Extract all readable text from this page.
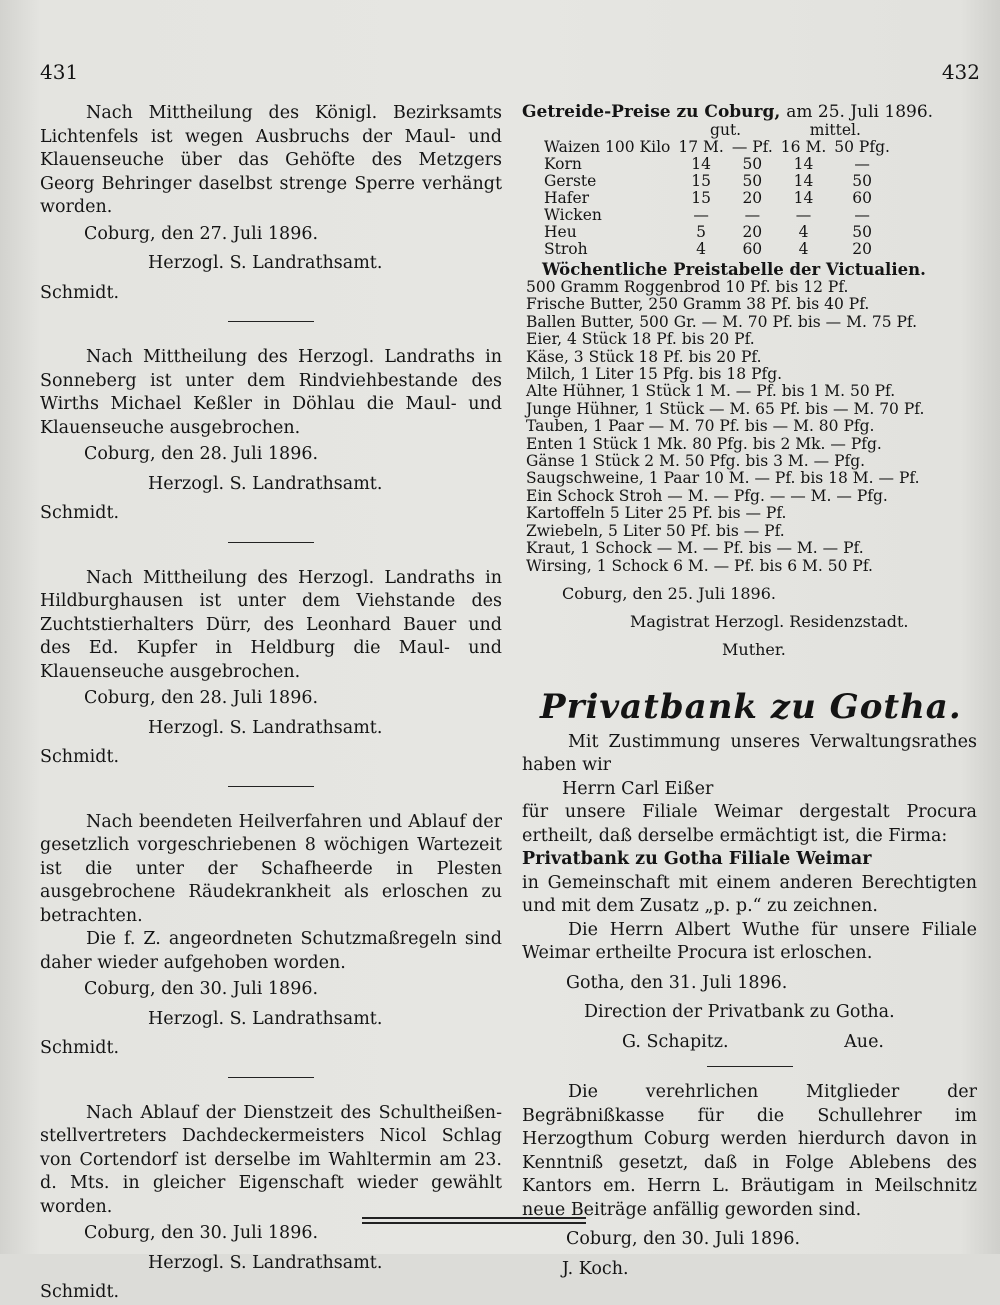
431	432

Nach Mittheilung des Königl. Bezirksamts Lichtenfels ist wegen Ausbruchs der Maul- und Klauenseuche über das Gehöfte des Metzgers Georg Behringer daselbst strenge Sperre verhängt worden.

Coburg, den 27. Juli 1896.

Herzogl. S. Landrathsamt.

Schmidt.

Nach Mittheilung des Herzogl. Landraths in Sonneberg ist unter dem Rindviehbestande des Wirths Michael Keßler in Döhlau die Maul- und Klauenseuche ausgebrochen.

Coburg, den 28. Juli 1896.

Herzogl. S. Landrathsamt.

Schmidt.

Nach Mittheilung des Herzogl. Landraths in Hildburghausen ist unter dem Viehstande des Zuchtstierhalters Dürr, des Leonhard Bauer und des Ed. Kupfer in Heldburg die Maul- und Klauenseuche ausgebrochen.

Coburg, den 28. Juli 1896.

Herzogl. S. Landrathsamt.

Schmidt.

Nach beendeten Heilverfahren und Ablauf der gesetzlich vorgeschriebenen 8 wöchigen Wartezeit ist die unter der Schafheerde in Plesten ausgebrochene Räudekrankheit als erloschen zu betrachten.

Die f. Z. angeordneten Schutzmaßregeln sind daher wieder aufgehoben worden.

Coburg, den 30. Juli 1896.

Herzogl. S. Landrathsamt.

Schmidt.

Nach Ablauf der Dienstzeit des Schultheißen-stellvertreters Dachdeckermeisters Nicol Schlag von Cortendorf ist derselbe im Wahltermin am 23. d. Mts. in gleicher Eigenschaft wieder gewählt worden.

Coburg, den 30. Juli 1896.

Herzogl. S. Landrathsamt.

Schmidt.

Getreide-Preise zu Coburg, am 25. Juli 1896.
	gut.		mittel.	
Waizen 100 Kilo	17 M.	— Pf.	16 M.	50 Pfg.
Korn	14	50	14	—
Gerste	15	50	14	50
Hafer	15	20	14	60
Wicken	—	—	—	—
Heu	5	20	4	50
Stroh	4	60	4	20
Wöchentliche Preistabelle der Victualien.
500 Gramm Roggenbrod 10 Pf. bis 12 Pf.
Frische Butter, 250 Gramm 38 Pf. bis 40 Pf.
Ballen Butter, 500 Gr. — M. 70 Pf. bis — M. 75 Pf.
Eier, 4 Stück 18 Pf. bis 20 Pf.
Käse, 3 Stück 18 Pf. bis 20 Pf.
Milch, 1 Liter 15 Pfg. bis 18 Pfg.
Alte Hühner, 1 Stück 1 M. — Pf. bis 1 M. 50 Pf.
Junge Hühner, 1 Stück — M. 65 Pf. bis — M. 70 Pf.
Tauben, 1 Paar — M. 70 Pf. bis — M. 80 Pfg.
Enten 1 Stück 1 Mk. 80 Pfg. bis 2 Mk. — Pfg.
Gänse 1 Stück 2 M. 50 Pfg. bis 3 M. — Pfg.
Saugschweine, 1 Paar 10 M. — Pf. bis 18 M. — Pf.
Ein Schock Stroh — M. — Pfg. — — M. — Pfg.
Kartoffeln 5 Liter 25 Pf. bis — Pf.
Zwiebeln, 5 Liter 50 Pf. bis — Pf.
Kraut, 1 Schock — M. — Pf. bis — M. — Pf.
Wirsing, 1 Schock 6 M. — Pf. bis 6 M. 50 Pf.
Coburg, den 25. Juli 1896.
Magistrat Herzogl. Residenzstadt.
Muther.
Privatbank zu Gotha.

Mit Zustimmung unseres Verwaltungsrathes haben wir

Herrn Carl Eißer

für unsere Filiale Weimar dergestalt Procura ertheilt, daß derselbe ermächtigt ist, die Firma:

Privatbank zu Gotha Filiale Weimar

in Gemeinschaft mit einem anderen Berechtigten und mit dem Zusatz „p. p.“ zu zeichnen.

Die Herrn Albert Wuthe für unsere Filiale Weimar ertheilte Procura ist erloschen.

Gotha, den 31. Juli 1896.

Direction der Privatbank zu Gotha.

G. Schapitz.	Aue.

Die verehrlichen Mitglieder der Begräbnißkasse für die Schullehrer im Herzogthum Coburg werden hierdurch davon in Kenntniß gesetzt, daß in Folge Ablebens des Kantors em. Herrn L. Bräutigam in Meilschnitz neue Beiträge anfällig geworden sind.

Coburg, den 30. Juli 1896.

J. Koch.
